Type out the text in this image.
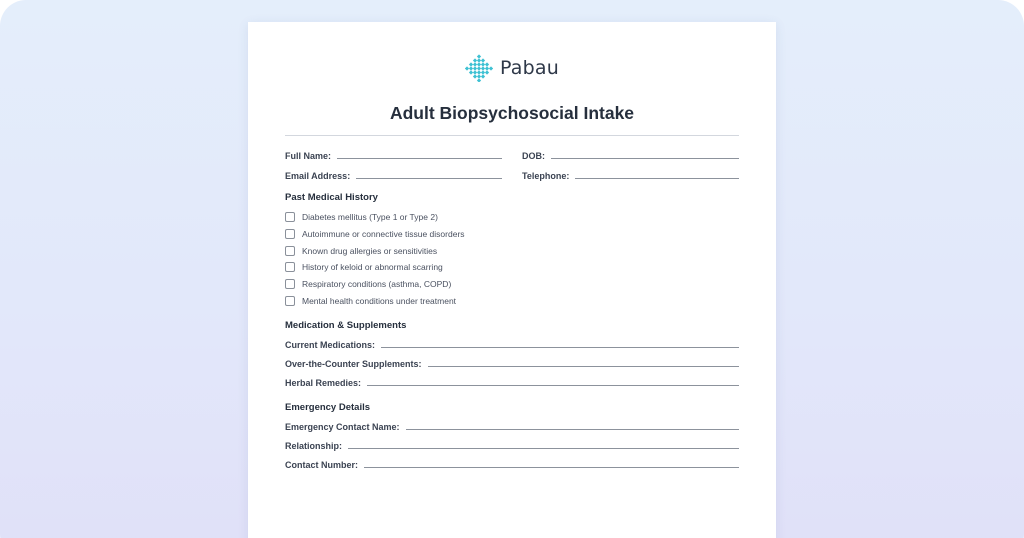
Pabau
Adult Biopsychosocial Intake
Full Name:	DOB:
Email Address:	Telephone:
Past Medical History
Diabetes mellitus (Type 1 or Type 2)
Autoimmune or connective tissue disorders
Known drug allergies or sensitivities
History of keloid or abnormal scarring
Respiratory conditions (asthma, COPD)
Mental health conditions under treatment
Medication & Supplements
Current Medications:
Over-the-Counter Supplements:
Herbal Remedies:
Emergency Details
Emergency Contact Name:
Relationship:
Contact Number:
